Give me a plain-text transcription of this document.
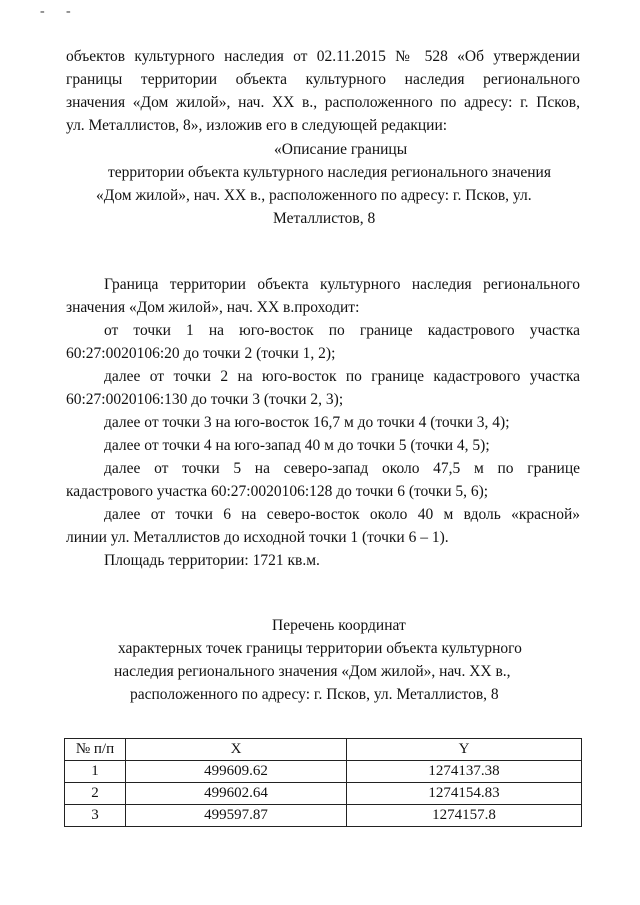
- -
объектов культурного наследия от 02.11.2015 № 528 «Об утверждении
границы территории объекта культурного наследия регионального
значения «Дом жилой», нач. XX в., расположенного по адресу: г. Псков,
ул. Металлистов, 8», изложив его в следующей редакции:
«Описание границы
территории объекта культурного наследия регионального значения
«Дом жилой», нач. XX в., расположенного по адресу: г. Псков, ул.
Металлистов, 8
Граница территории объекта культурного наследия регионального
значения «Дом жилой», нач. XX в.проходит:
от точки 1 на юго-восток по границе кадастрового участка
60:27:0020106:20 до точки 2 (точки 1, 2);
далее от точки 2 на юго-восток по границе кадастрового участка
60:27:0020106:130 до точки 3 (точки 2, 3);
далее от точки 3 на юго-восток 16,7 м до точки 4 (точки 3, 4);
далее от точки 4 на юго-запад 40 м до точки 5 (точки 4, 5);
далее от точки 5 на северо-запад около 47,5 м по границе
кадастрового участка 60:27:0020106:128 до точки 6 (точки 5, 6);
далее от точки 6 на северо-восток около 40 м вдоль «красной»
линии ул. Металлистов до исходной точки 1 (точки 6 – 1).
Площадь территории: 1721 кв.м.
Перечень координат
характерных точек границы территории объекта культурного
наследия регионального значения «Дом жилой», нач. XX в.,
расположенного по адресу: г. Псков, ул. Металлистов, 8
№ п/п	X	Y
1	499609.62	1274137.38
2	499602.64	1274154.83
3	499597.87	1274157.8
